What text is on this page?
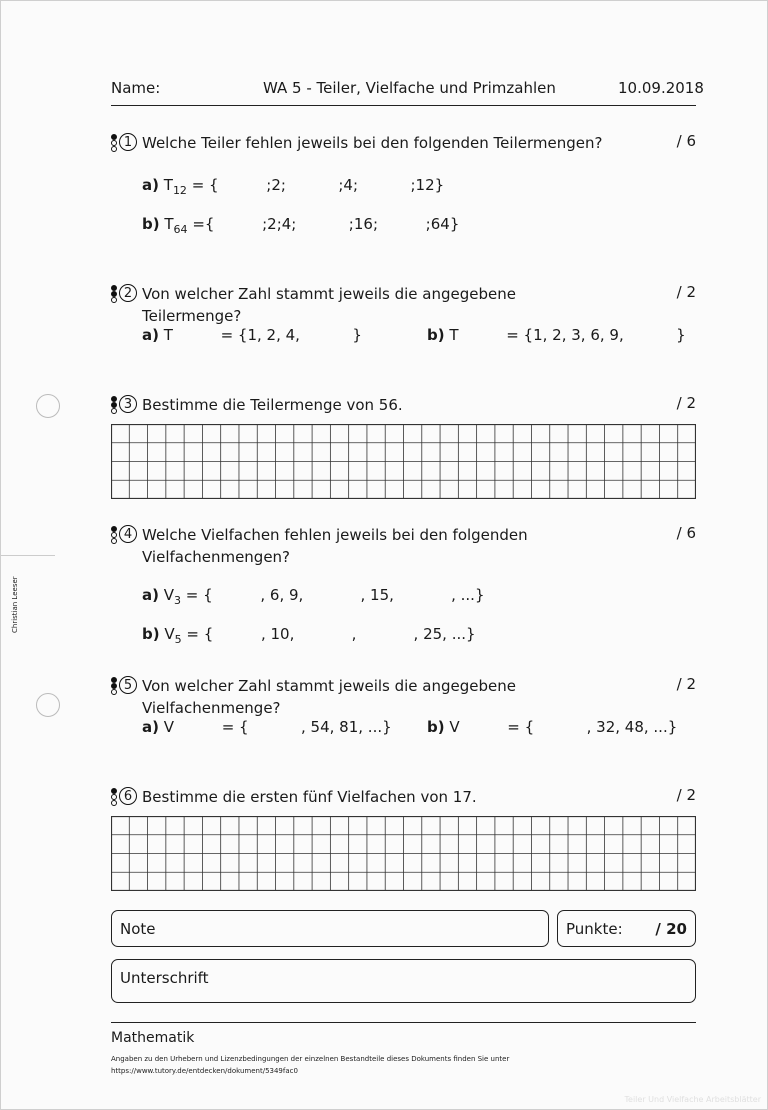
Christian Leeser
Name:	WA 5 - Teiler, Vielfache und Primzahlen	10.09.2018
1 Welche Teiler fehlen jeweils bei den folgenden Teilermengen?	/ 6
a) $T_{12}$ = {          ;2;           ;4;           ;12}
b) $T_{64}$ ={          ;2;4;           ;16;          ;64}
2 Von welcher Zahl stammt jeweils die angegebene Teilermenge?
/ 2
a) T          = {1, 2, 4,           }	b) T          = {1, 2, 3, 6, 9,           }
3 Bestimme die Teilermenge von 56.	/ 2
4 Welche Vielfachen fehlen jeweils bei den folgenden Vielfachenmengen?
/ 6
a) $V_3$ = {          , 6, 9,            , 15,            , ...}
b) $V_5$ = {          , 10,            ,            , 25, ...}
5 Von welcher Zahl stammt jeweils die angegebene Vielfachenmenge?
/ 2
a) V          = {           , 54, 81, ...} b) V          = {           , 32, 48, ...}
6 Bestimme die ersten fünf Vielfachen von 17.	/ 2
Note	Punkte: / 20
Unterschrift
Mathematik
Angaben zu den Urhebern und Lizenzbedingungen der einzelnen Bestandteile dieses Dokuments finden Sie unter
https://www.tutory.de/entdecken/dokument/5349fac0
Teiler Und Vielfache Arbeitsblätter
